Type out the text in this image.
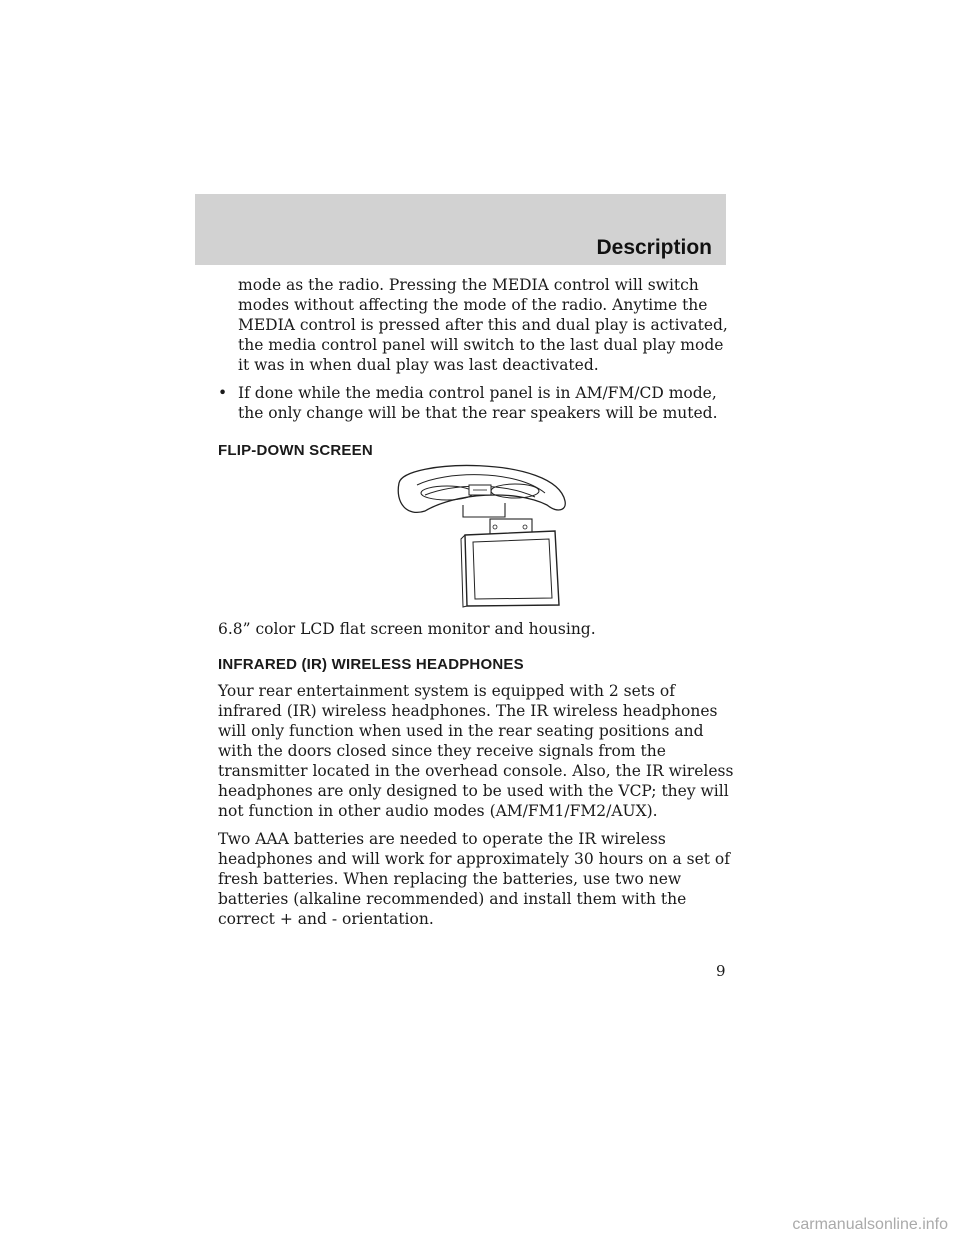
Description

mode as the radio. Pressing the MEDIA control will switch modes without affecting the mode of the radio. Anytime the MEDIA control is pressed after this and dual play is activated, the media control panel will switch to the last dual play mode it was in when dual play was last deactivated.

• If done while the media control panel is in AM/FM/CD mode, the only change will be that the rear speakers will be muted.
FLIP-DOWN SCREEN
6.8” color LCD flat screen monitor and housing.
INFRARED (IR) WIRELESS HEADPHONES

Your rear entertainment system is equipped with 2 sets of infrared (IR) wireless headphones. The IR wireless headphones will only function when used in the rear seating positions and with the doors closed since they receive signals from the transmitter located in the overhead console. Also, the IR wireless headphones are only designed to be used with the VCP; they will not function in other audio modes (AM/FM1/FM2/AUX).

Two AAA batteries are needed to operate the IR wireless headphones and will work for approximately 30 hours on a set of fresh batteries. When replacing the batteries, use two new batteries (alkaline recommended) and install them with the correct + and - orientation.

9
carmanualsonline.info
